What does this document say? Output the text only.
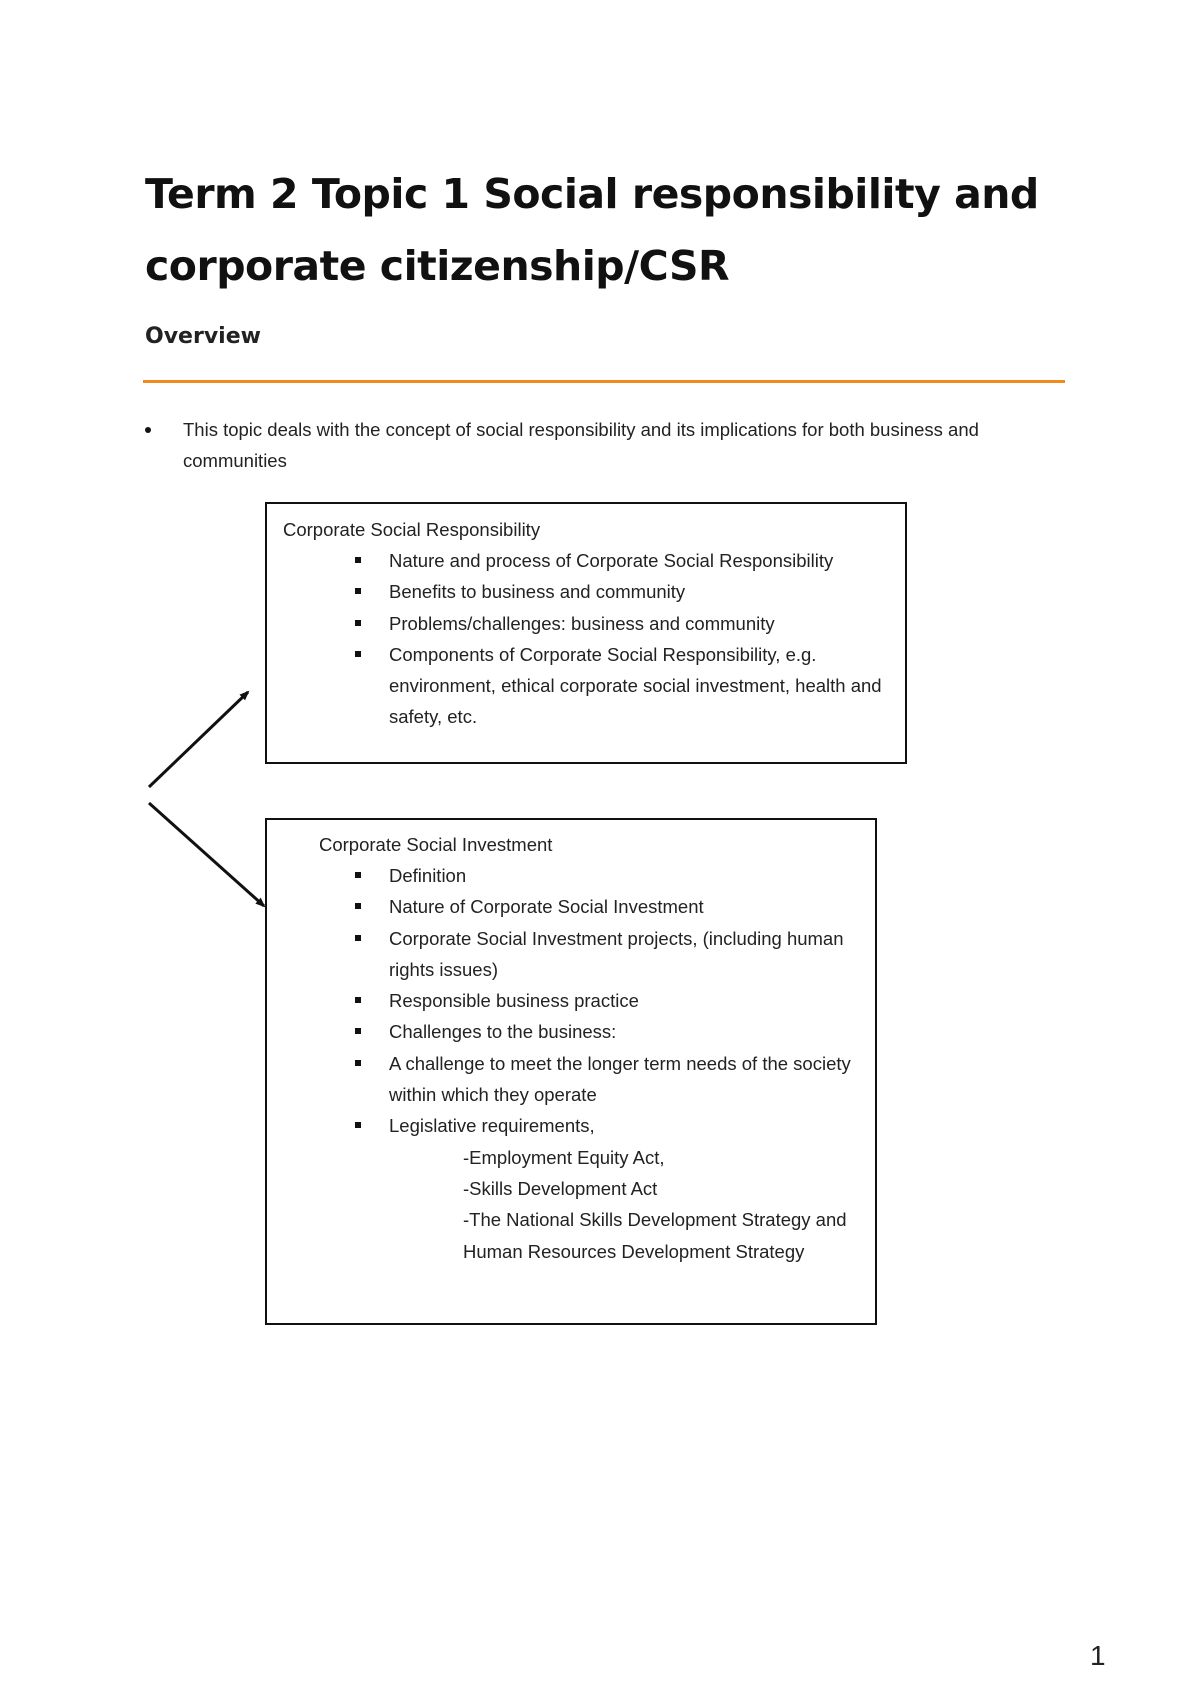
Term 2 Topic 1 Social responsibility and corporate citizenship/CSR
Overview
This topic deals with the concept of social responsibility and its implications for both business and communities
Corporate Social Responsibility
Nature and process of Corporate Social Responsibility
Benefits to business and community
Problems/challenges: business and community
Components of Corporate Social Responsibility, e.g. environment, ethical corporate social investment, health and safety, etc.
Corporate Social Investment
Definition
Nature of Corporate Social Investment
Corporate Social Investment projects, (including human rights issues)
Responsible business practice
Challenges to the business:
A challenge to meet the longer term needs of the society within which they operate
Legislative requirements,
-Employment Equity Act,
-Skills Development Act
-The National Skills Development Strategy and Human Resources Development Strategy
1
